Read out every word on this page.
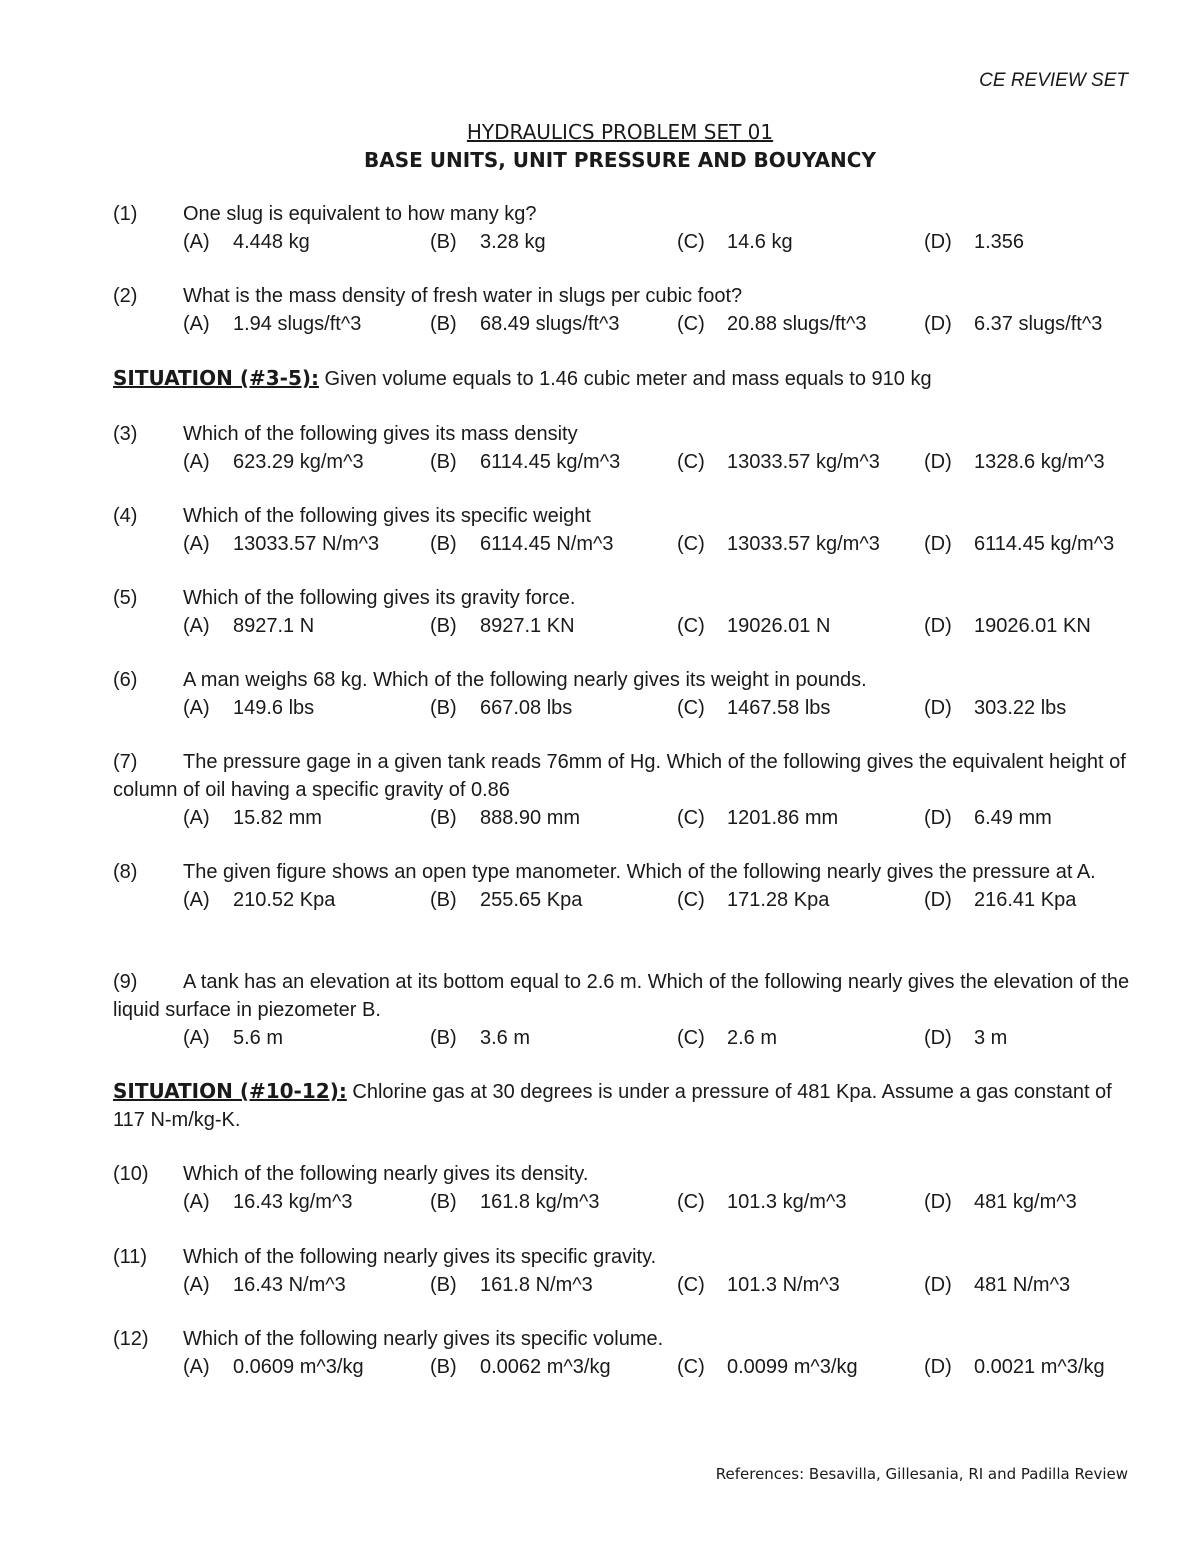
CE REVIEW SET
HYDRAULICS PROBLEM SET 01
BASE UNITS, UNIT PRESSURE AND BOUYANCY
(1)	One slug is equivalent to how many kg?
(A) 4.448 kg	(B) 3.28 kg	(C) 14.6 kg	(D) 1.356
(2)	What is the mass density of fresh water in slugs per cubic foot?
(A) 1.94 slugs/ft^3	(B) 68.49 slugs/ft^3	(C) 20.88 slugs/ft^3	(D) 6.37 slugs/ft^3
SITUATION (#3-5): Given volume equals to 1.46 cubic meter and mass equals to 910 kg
(3)	Which of the following gives its mass density
(A) 623.29 kg/m^3	(B) 6114.45 kg/m^3	(C) 13033.57 kg/m^3 (D) 1328.6 kg/m^3
(4)	Which of the following gives its specific weight
(A) 13033.57 N/m^3	(B) 6114.45 N/m^3	(C) 13033.57 kg/m^3 (D) 6114.45 kg/m^3
(5)	Which of the following gives its gravity force.
(A) 8927.1 N	(B) 8927.1 KN	(C) 19026.01 N	(D) 19026.01 KN
(6)	A man weighs 68 kg. Which of the following nearly gives its weight in pounds.
(A) 149.6 lbs	(B) 667.08 lbs	(C) 1467.58 lbs	(D) 303.22 lbs
(7)	The pressure gage in a given tank reads 76mm of Hg. Which of the following gives the equivalent height of column of oil having a specific gravity of 0.86
(A) 15.82 mm	(B) 888.90 mm	(C) 1201.86 mm	(D) 6.49 mm
(8)	The given figure shows an open type manometer. Which of the following nearly gives the pressure at A.
(A) 210.52 Kpa	(B) 255.65 Kpa	(C) 171.28 Kpa	(D) 216.41 Kpa
(9)	A tank has an elevation at its bottom equal to 2.6 m. Which of the following nearly gives the elevation of the liquid surface in piezometer B.
(A) 5.6 m	(B) 3.6 m	(C) 2.6 m	(D) 3 m
SITUATION (#10-12): Chlorine gas at 30 degrees is under a pressure of 481 Kpa. Assume a gas constant of 117 N-m/kg-K.
(10)	Which of the following nearly gives its density.
(A) 16.43 kg/m^3	(B) 161.8 kg/m^3	(C) 101.3 kg/m^3	(D) 481 kg/m^3
(11)	Which of the following nearly gives its specific gravity.
(A) 16.43 N/m^3	(B) 161.8 N/m^3	(C) 101.3 N/m^3	(D) 481 N/m^3
(12)	Which of the following nearly gives its specific volume.
(A) 0.0609 m^3/kg	(B) 0.0062 m^3/kg	(C) 0.0099 m^3/kg	(D) 0.0021 m^3/kg
References: Besavilla, Gillesania, RI and Padilla Review
